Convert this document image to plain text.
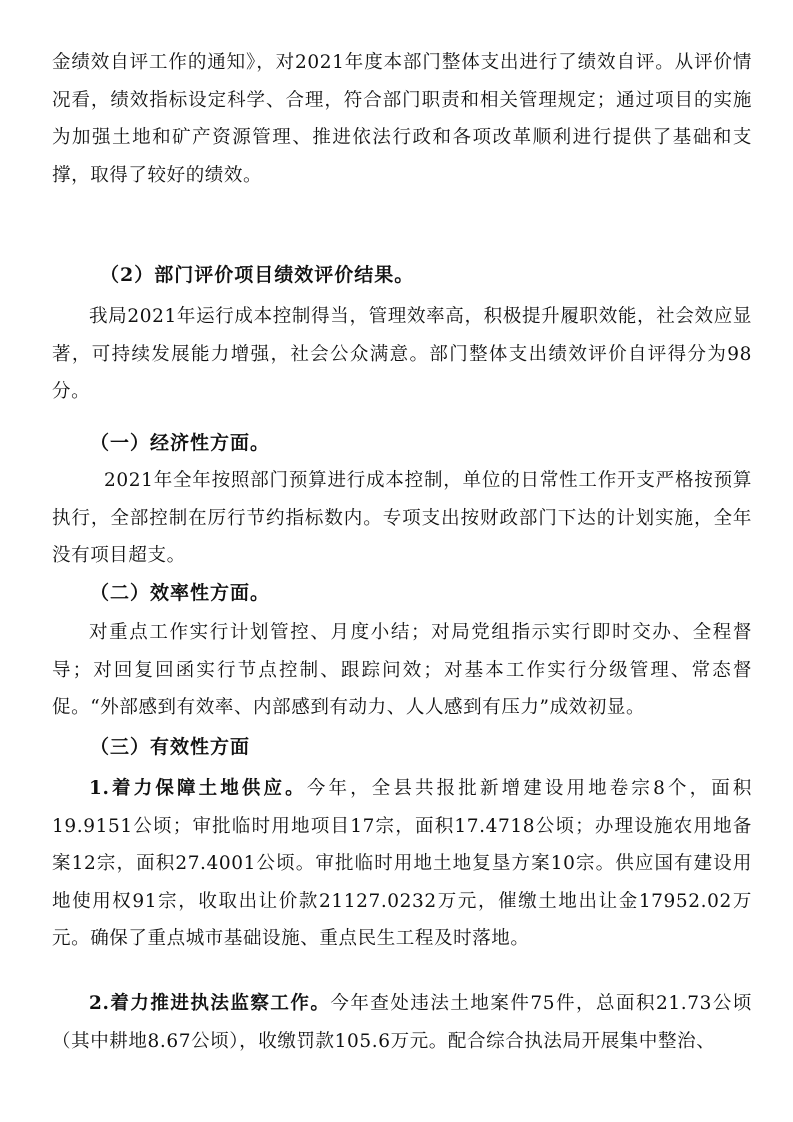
金绩效自评工作的通知》，对2021年度本部门整体支出进行了绩效自评。从评价情况看，绩效指标设定科学、合理，符合部门职责和相关管理规定；通过项目的实施为加强土地和矿产资源管理、推进依法行政和各项改革顺利进行提供了基础和支撑，取得了较好的绩效。

（2）部门评价项目绩效评价结果。

我局2021年运行成本控制得当，管理效率高，积极提升履职效能，社会效应显著，可持续发展能力增强，社会公众满意。部门整体支出绩效评价自评得分为98分。

（一）经济性方面。

2021年全年按照部门预算进行成本控制，单位的日常性工作开支严格按预算执行，全部控制在厉行节约指标数内。专项支出按财政部门下达的计划实施，全年没有项目超支。

（二）效率性方面。

对重点工作实行计划管控、月度小结；对局党组指示实行即时交办、全程督导；对回复回函实行节点控制、跟踪问效；对基本工作实行分级管理、常态督促。“外部感到有效率、内部感到有动力、人人感到有压力”成效初显。

（三）有效性方面

1.着力保障土地供应。今年，全县共报批新增建设用地卷宗8个，面积19.9151公顷；审批临时用地项目17宗，面积17.4718公顷；办理设施农用地备案12宗，面积27.4001公顷。审批临时用地土地复垦方案10宗。供应国有建设用地使用权91宗，收取出让价款21127.0232万元，催缴土地出让金17952.02万元。确保了重点城市基础设施、重点民生工程及时落地。

2.着力推进执法监察工作。今年查处违法土地案件75件，总面积21.73公顷（其中耕地8.67公顷），收缴罚款105.6万元。配合综合执法局开展集中整治、
